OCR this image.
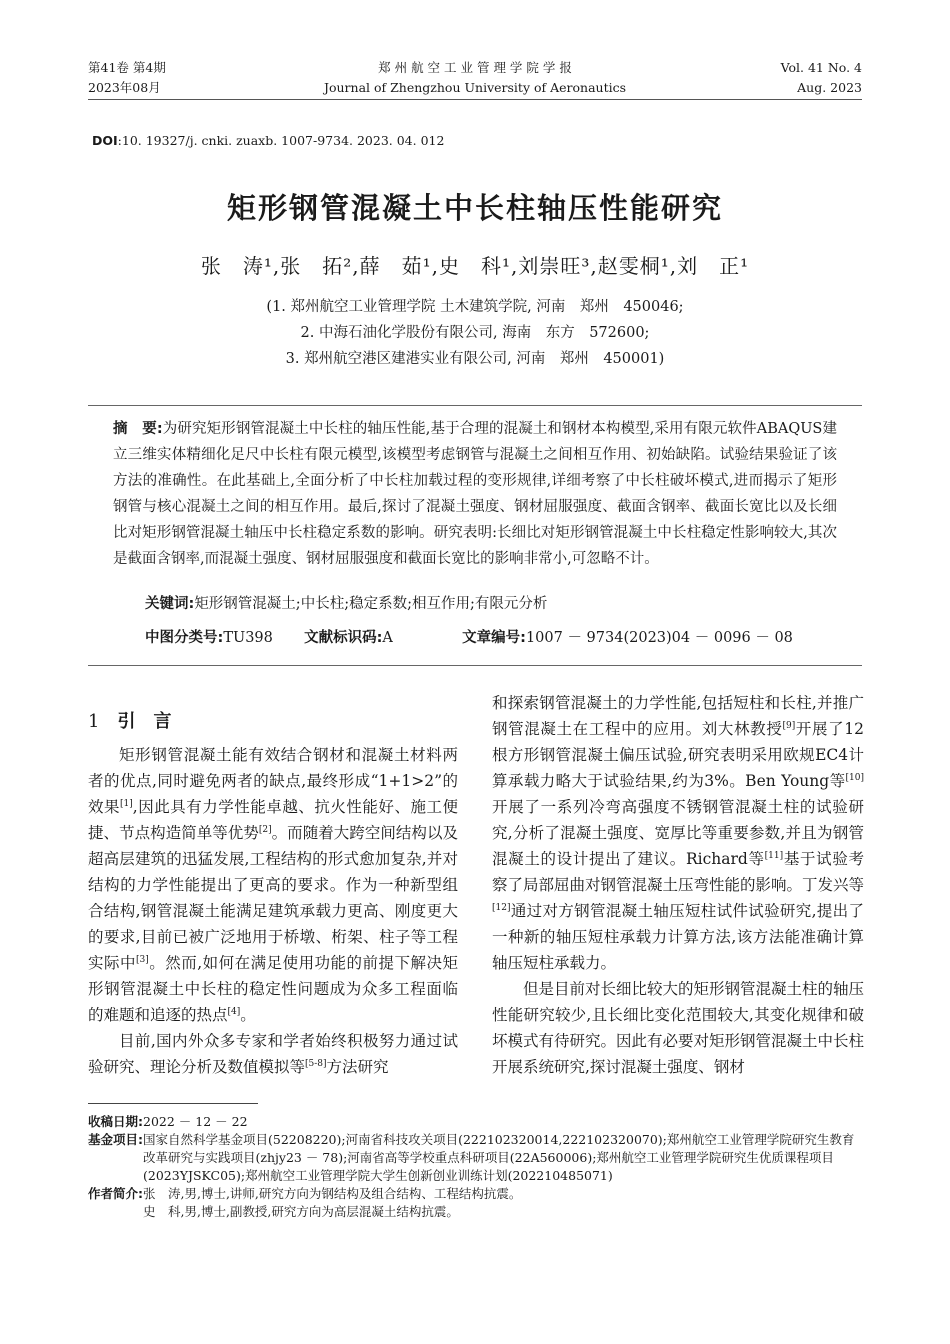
第41卷 第4期
2023年08月
郑 州 航 空 工 业 管 理 学 院 学 报
Journal of Zhengzhou University of Aeronautics
Vol. 41 No. 4
Aug. 2023
DOI:10. 19327/j. cnki. zuaxb. 1007-9734. 2023. 04. 012
矩形钢管混凝土中长柱轴压性能研究
张　涛¹,张　拓²,薛　茹¹,史　科¹,刘崇旺³,赵雯桐¹,刘　正¹
(1. 郑州航空工业管理学院 土木建筑学院, 河南　郑州　450046;
2. 中海石油化学股份有限公司, 海南　东方　572600;
3. 郑州航空港区建港实业有限公司, 河南　郑州　450001)
摘　要:为研究矩形钢管混凝土中长柱的轴压性能,基于合理的混凝土和钢材本构模型,采用有限元软件ABAQUS建立三维实体精细化足尺中长柱有限元模型,该模型考虑钢管与混凝土之间相互作用、初始缺陷。试验结果验证了该方法的准确性。在此基础上,全面分析了中长柱加载过程的变形规律,详细考察了中长柱破坏模式,进而揭示了矩形钢管与核心混凝土之间的相互作用。最后,探讨了混凝土强度、钢材屈服强度、截面含钢率、截面长宽比以及长细比对矩形钢管混凝土轴压中长柱稳定系数的影响。研究表明:长细比对矩形钢管混凝土中长柱稳定性影响较大,其次是截面含钢率,而混凝土强度、钢材屈服强度和截面长宽比的影响非常小,可忽略不计。
关键词:矩形钢管混凝土;中长柱;稳定系数;相互作用;有限元分析
中图分类号:TU398 文献标识码:A	文章编号:1007 － 9734(2023)04 － 0096 － 08
1 引　言

矩形钢管混凝土能有效结合钢材和混凝土材料两者的优点,同时避免两者的缺点,最终形成“1+1>2”的效果[1],因此具有力学性能卓越、抗火性能好、施工便捷、节点构造简单等优势[2]。而随着大跨空间结构以及超高层建筑的迅猛发展,工程结构的形式愈加复杂,并对结构的力学性能提出了更高的要求。作为一种新型组合结构,钢管混凝土能满足建筑承载力更高、刚度更大的要求,目前已被广泛地用于桥墩、桁架、柱子等工程实际中[3]。然而,如何在满足使用功能的前提下解决矩形钢管混凝土中长柱的稳定性问题成为众多工程面临的难题和追逐的热点[4]。

目前,国内外众多专家和学者始终积极努力通过试验研究、理论分析及数值模拟等[5-8]方法研究

和探索钢管混凝土的力学性能,包括短柱和长柱,并推广钢管混凝土在工程中的应用。刘大林教授[9]开展了12根方形钢管混凝土偏压试验,研究表明采用欧规EC4计算承载力略大于试验结果,约为3%。Ben Young等[10]开展了一系列冷弯高强度不锈钢管混凝土柱的试验研究,分析了混凝土强度、宽厚比等重要参数,并且为钢管混凝土的设计提出了建议。Richard等[11]基于试验考察了局部屈曲对钢管混凝土压弯性能的影响。丁发兴等[12]通过对方钢管混凝土轴压短柱试件试验研究,提出了一种新的轴压短柱承载力计算方法,该方法能准确计算轴压短柱承载力。

但是目前对长细比较大的矩形钢管混凝土柱的轴压性能研究较少,且长细比变化范围较大,其变化规律和破坏模式有待研究。因此有必要对矩形钢管混凝土中长柱开展系统研究,探讨混凝土强度、钢材

收稿日期: 2022 － 12 － 22
基金项目: 国家自然科学基金项目(52208220);河南省科技攻关项目(222102320014,222102320070);郑州航空工业管理学院研究生教育改革研究与实践项目(zhjy23 － 78);河南省高等学校重点科研项目(22A560006);郑州航空工业管理学院研究生优质课程项目(2023YJSKC05);郑州航空工业管理学院大学生创新创业训练计划(202210485071)
作者简介: 张　涛,男,博士,讲师,研究方向为钢结构及组合结构、工程结构抗震。
史　科,男,博士,副教授,研究方向为高层混凝土结构抗震。
